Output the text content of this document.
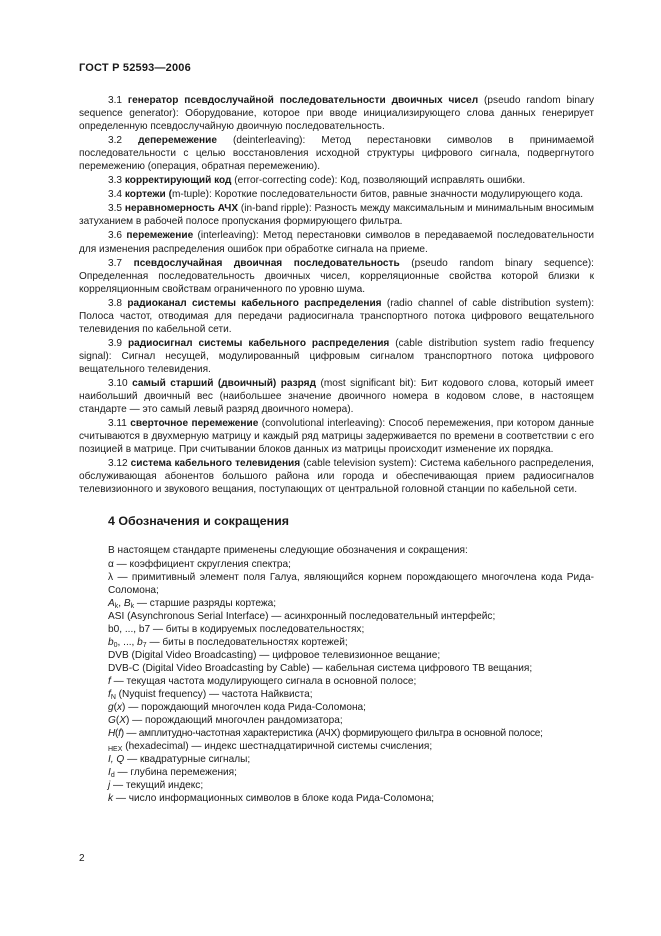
ГОСТ Р 52593—2006

3.1 генератор псевдослучайной последовательности двоичных чисел (pseudo random binary sequence generator): Оборудование, которое при вводе инициализирующего слова данных генерирует определенную псевдослучайную двоичную последовательность.

3.2 деперемежение (deinterleaving): Метод перестановки символов в принимаемой последовательности с целью восстановления исходной структуры цифрового сигнала, подвергнутого перемежению (операция, обратная перемежению).

3.3 корректирующий код (error-correcting code): Код, позволяющий исправлять ошибки.

3.4 кортежи (m-tuple): Короткие последовательности битов, равные значности модулирующего кода.

3.5 неравномерность АЧХ (in-band ripple): Разность между максимальным и минимальным вносимым затуханием в рабочей полосе пропускания формирующего фильтра.

3.6 перемежение (interleaving): Метод перестановки символов в передаваемой последовательности для изменения распределения ошибок при обработке сигнала на приеме.

3.7 псевдослучайная двоичная последовательность (pseudo random binary sequence): Определенная последовательность двоичных чисел, корреляционные свойства которой близки к корреляционным свойствам ограниченного по уровню шума.

3.8 радиоканал системы кабельного распределения (radio channel of cable distribution system): Полоса частот, отводимая для передачи радиосигнала транспортного потока цифрового вещательного телевидения по кабельной сети.

3.9 радиосигнал системы кабельного распределения (cable distribution system radio frequency signal): Сигнал несущей, модулированный цифровым сигналом транспортного потока цифрового вещательного телевидения.

3.10 самый старший (двоичный) разряд (most significant bit): Бит кодового слова, который имеет наибольший двоичный вес (наибольшее значение двоичного номера в кодовом слове, в настоящем стандарте — это самый левый разряд двоичного номера).

3.11 сверточное перемежение (convolutional interleaving): Способ перемежения, при котором данные считываются в двухмерную матрицу и каждый ряд матрицы задерживается по времени в соответствии с его позицией в матрице. При считывании блоков данных из матрицы происходит изменение их порядка.

3.12 система кабельного телевидения (cable television system): Система кабельного распределения, обслуживающая абонентов большого района или города и обеспечивающая прием радиосигналов телевизионного и звукового вещания, поступающих от центральной головной станции по кабельной сети.

4 Обозначения и сокращения

В настоящем стандарте применены следующие обозначения и сокращения:

α — коэффициент скругления спектра;

λ — примитивный элемент поля Галуа, являющийся корнем порождающего многочлена кода Рида-Соломона;

$A_k$, $B_k$ — старшие разряды кортежа;

ASI (Asynchronous Serial Interface) — асинхронный последовательный интерфейс;

b0, ..., b7 — биты в кодируемых последовательностях;

$b_0$, ..., $b_7$ — биты в последовательностях кортежей;

DVB (Digital Video Broadcasting) — цифровое телевизионное вещание;

DVB-C (Digital Video Broadcasting by Cable) — кабельная система цифрового ТВ вещания;

f — текущая частота модулирующего сигнала в основной полосе;

$f_N$ (Nyquist frequency) — частота Найквиста;

g(x) — порождающий многочлен кода Рида-Соломона;

G(X) — порождающий многочлен рандомизатора;

H(f) — амплитудно-частотная характеристика (АЧХ) формирующего фильтра в основной полосе;

$_{HEX}$ (hexadecimal) — индекс шестнадцатиричной системы счисления;

I, Q — квадратурные сигналы;

$I_d$ — глубина перемежения;

j — текущий индекс;

k — число информационных символов в блоке кода Рида-Соломона;

2
